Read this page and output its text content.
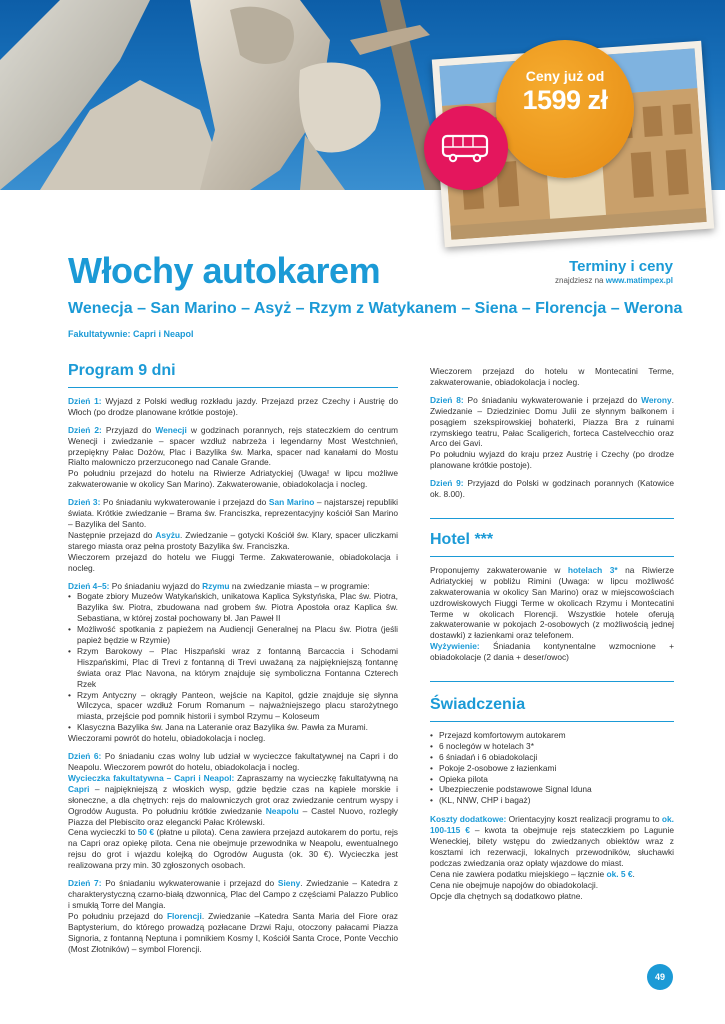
Ceny już od
1599 zł
Włochy autokarem	Terminy i ceny
znajdziesz na www.matimpex.pl
Wenecja – San Marino – Asyż – Rzym z Watykanem – Siena – Florencja – Werona
Fakultatywnie: Capri i Neapol
Program 9 dni
Dzień 1: Wyjazd z Polski według rozkładu jazdy. Przejazd przez Czechy i Austrię do Włoch (po drodze planowane krótkie postoje).
Dzień 2: Przyjazd do Wenecji w godzinach porannych, rejs stateczkiem do centrum Wenecji i zwiedzanie – spacer wzdłuż nabrzeża i legendarny Most Westchnień, przepiękny Pałac Dożów, Plac i Bazylika św. Marka, spacer nad kanałami do Mostu Rialto malowniczo przerzuconego nad Canale Grande.
Po południu przejazd do hotelu na Riwierze Adriatyckiej (Uwaga! w lipcu możliwe zakwaterowanie w okolicy San Marino). Zakwaterowanie, obiadokolacja i nocleg.
Dzień 3: Po śniadaniu wykwaterowanie i przejazd do San Marino – najstarszej republiki świata. Krótkie zwiedzanie – Brama św. Franciszka, reprezentacyjny kościół San Marino – Bazylika del Santo.
Następnie przejazd do Asyżu. Zwiedzanie – gotycki Kościół św. Klary, spacer uliczkami starego miasta oraz pełna prostoty Bazylika św. Franciszka.
Wieczorem przejazd do hotelu we Fiuggi Terme. Zakwaterowanie, obiadokolacja i nocleg.
Dzień 4–5: Po śniadaniu wyjazd do Rzymu na zwiedzanie miasta – w programie:
• Bogate zbiory Muzeów Watykańskich, unikatowa Kaplica Sykstyńska, Plac św. Piotra, Bazylika św. Piotra, zbudowana nad grobem św. Piotra Apostoła oraz Kaplica św. Sebastiana, w której został pochowany bł. Jan Paweł II
• Możliwość spotkania z papieżem na Audiencji Generalnej na Placu św. Piotra (jeśli papież będzie w Rzymie)
• Rzym Barokowy – Plac Hiszpański wraz z fontanną Barcaccia i Schodami Hiszpańskimi, Plac di Trevi z fontanną di Trevi uważaną za najpiękniejszą fontannę świata oraz Plac Navona, na którym znajduje się symboliczna Fontanna Czterech Rzek
• Rzym Antyczny – okrągły Panteon, wejście na Kapitol, gdzie znajduje się słynna Wilczyca, spacer wzdłuż Forum Romanum – najważniejszego placu starożytnego miasta, przejście pod pomnik historii i symbol Rzymu – Koloseum
• Klasyczna Bazylika św. Jana na Lateranie oraz Bazylika św. Pawła za Murami.
Wieczorami powrót do hotelu, obiadokolacja i nocleg.
Dzień 6: Po śniadaniu czas wolny lub udział w wycieczce fakultatywnej na Capri i do Neapolu. Wieczorem powrót do hotelu, obiadokolacja i nocleg.
Wycieczka fakultatywna – Capri i Neapol: Zapraszamy na wycieczkę fakultatywną na Capri – najpiękniejszą z włoskich wysp, gdzie będzie czas na kąpiele morskie i słoneczne, a dla chętnych: rejs do malowniczych grot oraz zwiedzanie centrum wyspy i Ogrodów Augusta. Po południu krótkie zwiedzanie Neapolu – Castel Nuovo, rozległy Piazza del Plebiscito oraz elegancki Pałac Królewski.
Cena wycieczki to 50 € (płatne u pilota). Cena zawiera przejazd autokarem do portu, rejs na Capri oraz opiekę pilota. Cena nie obejmuje przewodnika w Neapolu, ewentualnego rejsu do grot i wjazdu kolejką do Ogrodów Augusta (ok. 30 €). Wycieczka jest realizowana przy min. 30 zgłoszonych osobach.
Dzień 7: Po śniadaniu wykwaterowanie i przejazd do Sieny. Zwiedzanie – Katedra z charakterystyczną czarno-białą dzwonnicą, Plac del Campo z częściami Palazzo Publico i smukłą Torre del Mangia.
Po południu przejazd do Florencji. Zwiedzanie –Katedra Santa Maria del Fiore oraz Baptysterium, do którego prowadzą pozłacane Drzwi Raju, otoczony pałacami Piazza Signoria, z fontanną Neptuna i pomnikiem Kosmy I, Kościół Santa Croce, Ponte Vecchio (Most Złotników) – symbol Florencji.
Wieczorem przejazd do hotelu w Montecatini Terme, zakwaterowanie, obiadokolacja i nocleg.
Dzień 8: Po śniadaniu wykwaterowanie i przejazd do Werony. Zwiedzanie – Dziedziniec Domu Julii ze słynnym balkonem i posągiem szekspirowskiej bohaterki, Piazza Bra z ruinami rzymskiego teatru, Pałac Scaligerich, forteca Castelvecchio oraz Arco dei Gavi.
Po południu wyjazd do kraju przez Austrię i Czechy (po drodze planowane krótkie postoje).
Dzień 9: Przyjazd do Polski w godzinach porannych (Katowice ok. 8.00).
Hotel ***
Proponujemy zakwaterowanie w hotelach 3* na Riwierze Adriatyckiej w pobliżu Rimini (Uwaga: w lipcu możliwość zakwaterowania w okolicy San Marino) oraz w miejscowościach uzdrowiskowych Fiuggi Terme w okolicach Rzymu i Montecatini Terme w okolicach Florencji. Wszystkie hotele oferują zakwaterowanie w pokojach 2-osobowych (z możliwością jednej dostawki) z łazienkami oraz telefonem.
Wyżywienie: Śniadania kontynentalne wzmocnione + obiadokolacje (2 dania + deser/owoc)
Świadczenia
• Przejazd komfortowym autokarem
• 6 noclegów w hotelach 3*
• 6 śniadań i 6 obiadokolacji
• Pokoje 2-osobowe z łazienkami
• Opieka pilota
• Ubezpieczenie podstawowe Signal Iduna
• (KL, NNW, CHP i bagaż)
Koszty dodatkowe: Orientacyjny koszt realizacji programu to ok. 100-115 € – kwota ta obejmuje rejs stateczkiem po Lagunie Weneckiej, bilety wstępu do zwiedzanych obiektów wraz z kosztami ich rezerwacji, lokalnych przewodników, słuchawki podczas zwiedzania oraz opłaty wjazdowe do miast.
Cena nie zawiera podatku miejskiego – łącznie ok. 5 €.
Cena nie obejmuje napojów do obiadokolacji.
Opcje dla chętnych są dodatkowo płatne.
49
